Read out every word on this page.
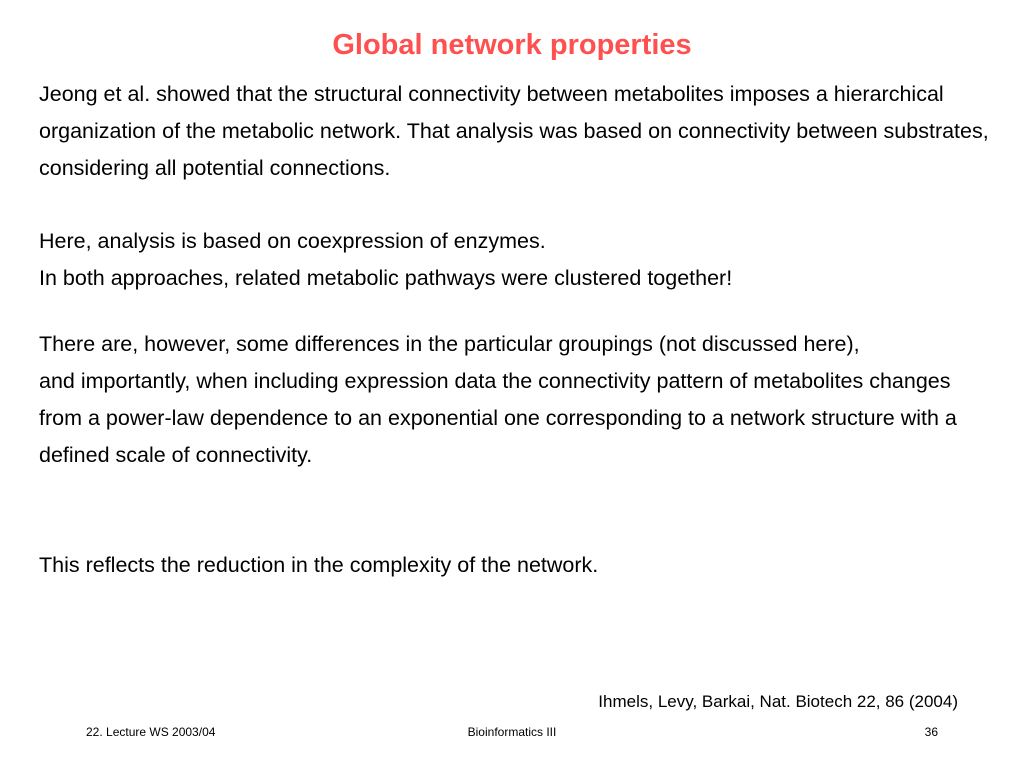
Global network properties

Jeong et al. showed that the structural connectivity between metabolites imposes a hierarchical organization of the metabolic network. That analysis was based on connectivity between substrates, considering all potential connections.

Here, analysis is based on coexpression of enzymes.

In both approaches, related metabolic pathways were clustered together!

There are, however, some differences in the particular groupings (not discussed here),

and importantly, when including expression data the connectivity pattern of metabolites changes from a power-law dependence to an exponential one corresponding to a network structure with a defined scale of connectivity.

This reflects the reduction in the complexity of the network.

Ihmels, Levy, Barkai, Nat. Biotech 22, 86 (2004)
22. Lecture WS 2003/04	Bioinformatics III	36
